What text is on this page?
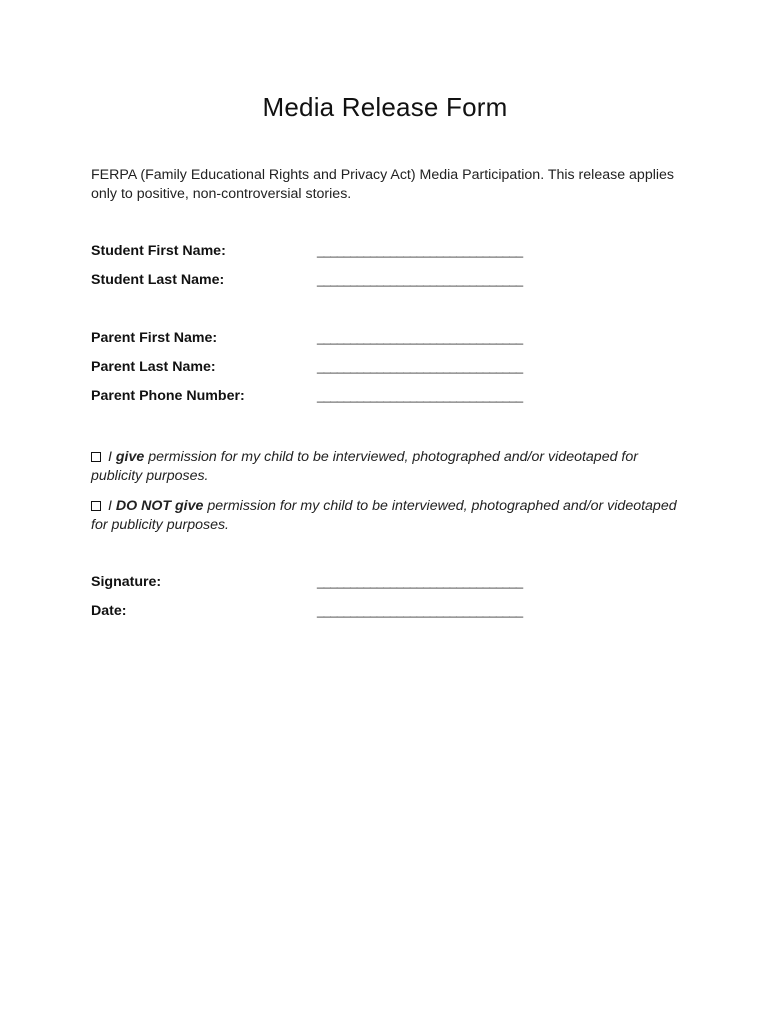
Media Release Form

FERPA (Family Educational Rights and Privacy Act) Media Participation. This release applies only to positive, non-controversial stories.

Student First Name:	_______________________________
Student Last Name:	_______________________________
Parent First Name:	_______________________________
Parent Last Name:	_______________________________
Parent Phone Number:	_______________________________

I give permission for my child to be interviewed, photographed and/or videotaped for publicity purposes.

I DO NOT give permission for my child to be interviewed, photographed and/or videotaped for publicity purposes.

Signature:	_______________________________
Date:	_______________________________
